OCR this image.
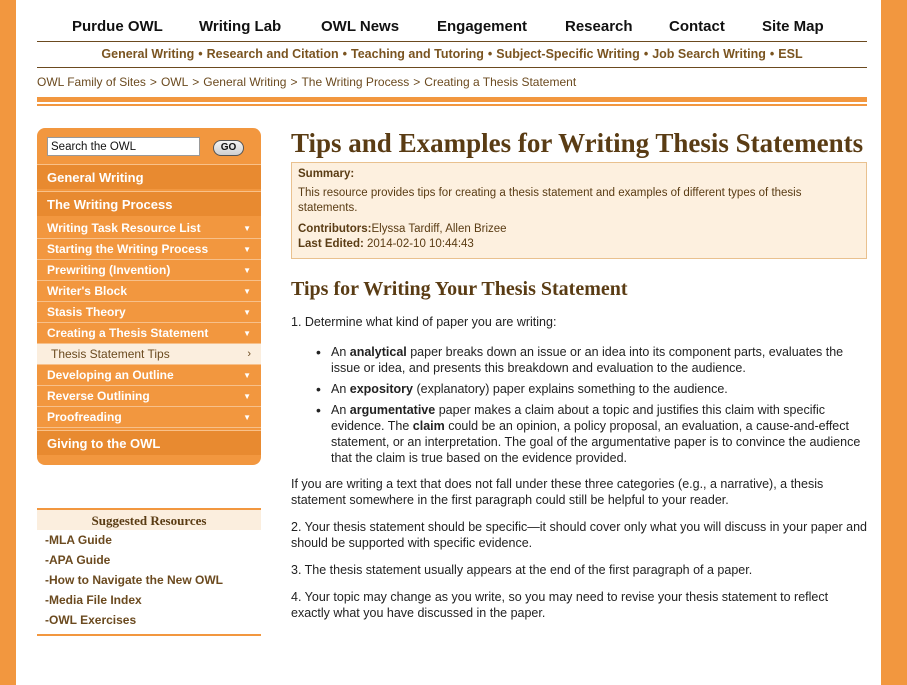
Purdue OWL Writing Lab	OWL News	Engagement	Research Contact Site Map
General Writing • Research and Citation • Teaching and Tutoring • Subject-Specific Writing • Job Search Writing • ESL
OWL Family of Sites > OWL > General Writing > The Writing Process > Creating a Thesis Statement
Search the OWL
GO
General Writing
The Writing Process
Writing Task Resource List	▼
Starting the Writing Process	▼
Prewriting (Invention)	▼
Writer's Block	▼
Stasis Theory	▼
Creating a Thesis Statement	▼
Thesis Statement Tips	›
Developing an Outline	▼
Reverse Outlining	▼
Proofreading	▼
Giving to the OWL
Suggested Resources
-MLA Guide
-APA Guide
-How to Navigate the New OWL
-Media File Index
-OWL Exercises
Tips and Examples for Writing Thesis Statements
Summary:
This resource provides tips for creating a thesis statement and examples of different types of thesis statements.
Contributors:Elyssa Tardiff, Allen Brizee
Last Edited: 2014-02-10 10:44:43
Tips for Writing Your Thesis Statement
1. Determine what kind of paper you are writing:
• An analytical paper breaks down an issue or an idea into its component parts, evaluates the issue or idea, and presents this breakdown and evaluation to the audience.
• An expository (explanatory) paper explains something to the audience.
• An argumentative paper makes a claim about a topic and justifies this claim with specific evidence. The claim could be an opinion, a policy proposal, an evaluation, a cause-and-effect statement, or an interpretation. The goal of the argumentative paper is to convince the audience that the claim is true based on the evidence provided.
If you are writing a text that does not fall under these three categories (e.g., a narrative), a thesis statement somewhere in the first paragraph could still be helpful to your reader.
2. Your thesis statement should be specific—it should cover only what you will discuss in your paper and should be supported with specific evidence.
3. The thesis statement usually appears at the end of the first paragraph of a paper.
4. Your topic may change as you write, so you may need to revise your thesis statement to reflect exactly what you have discussed in the paper.
